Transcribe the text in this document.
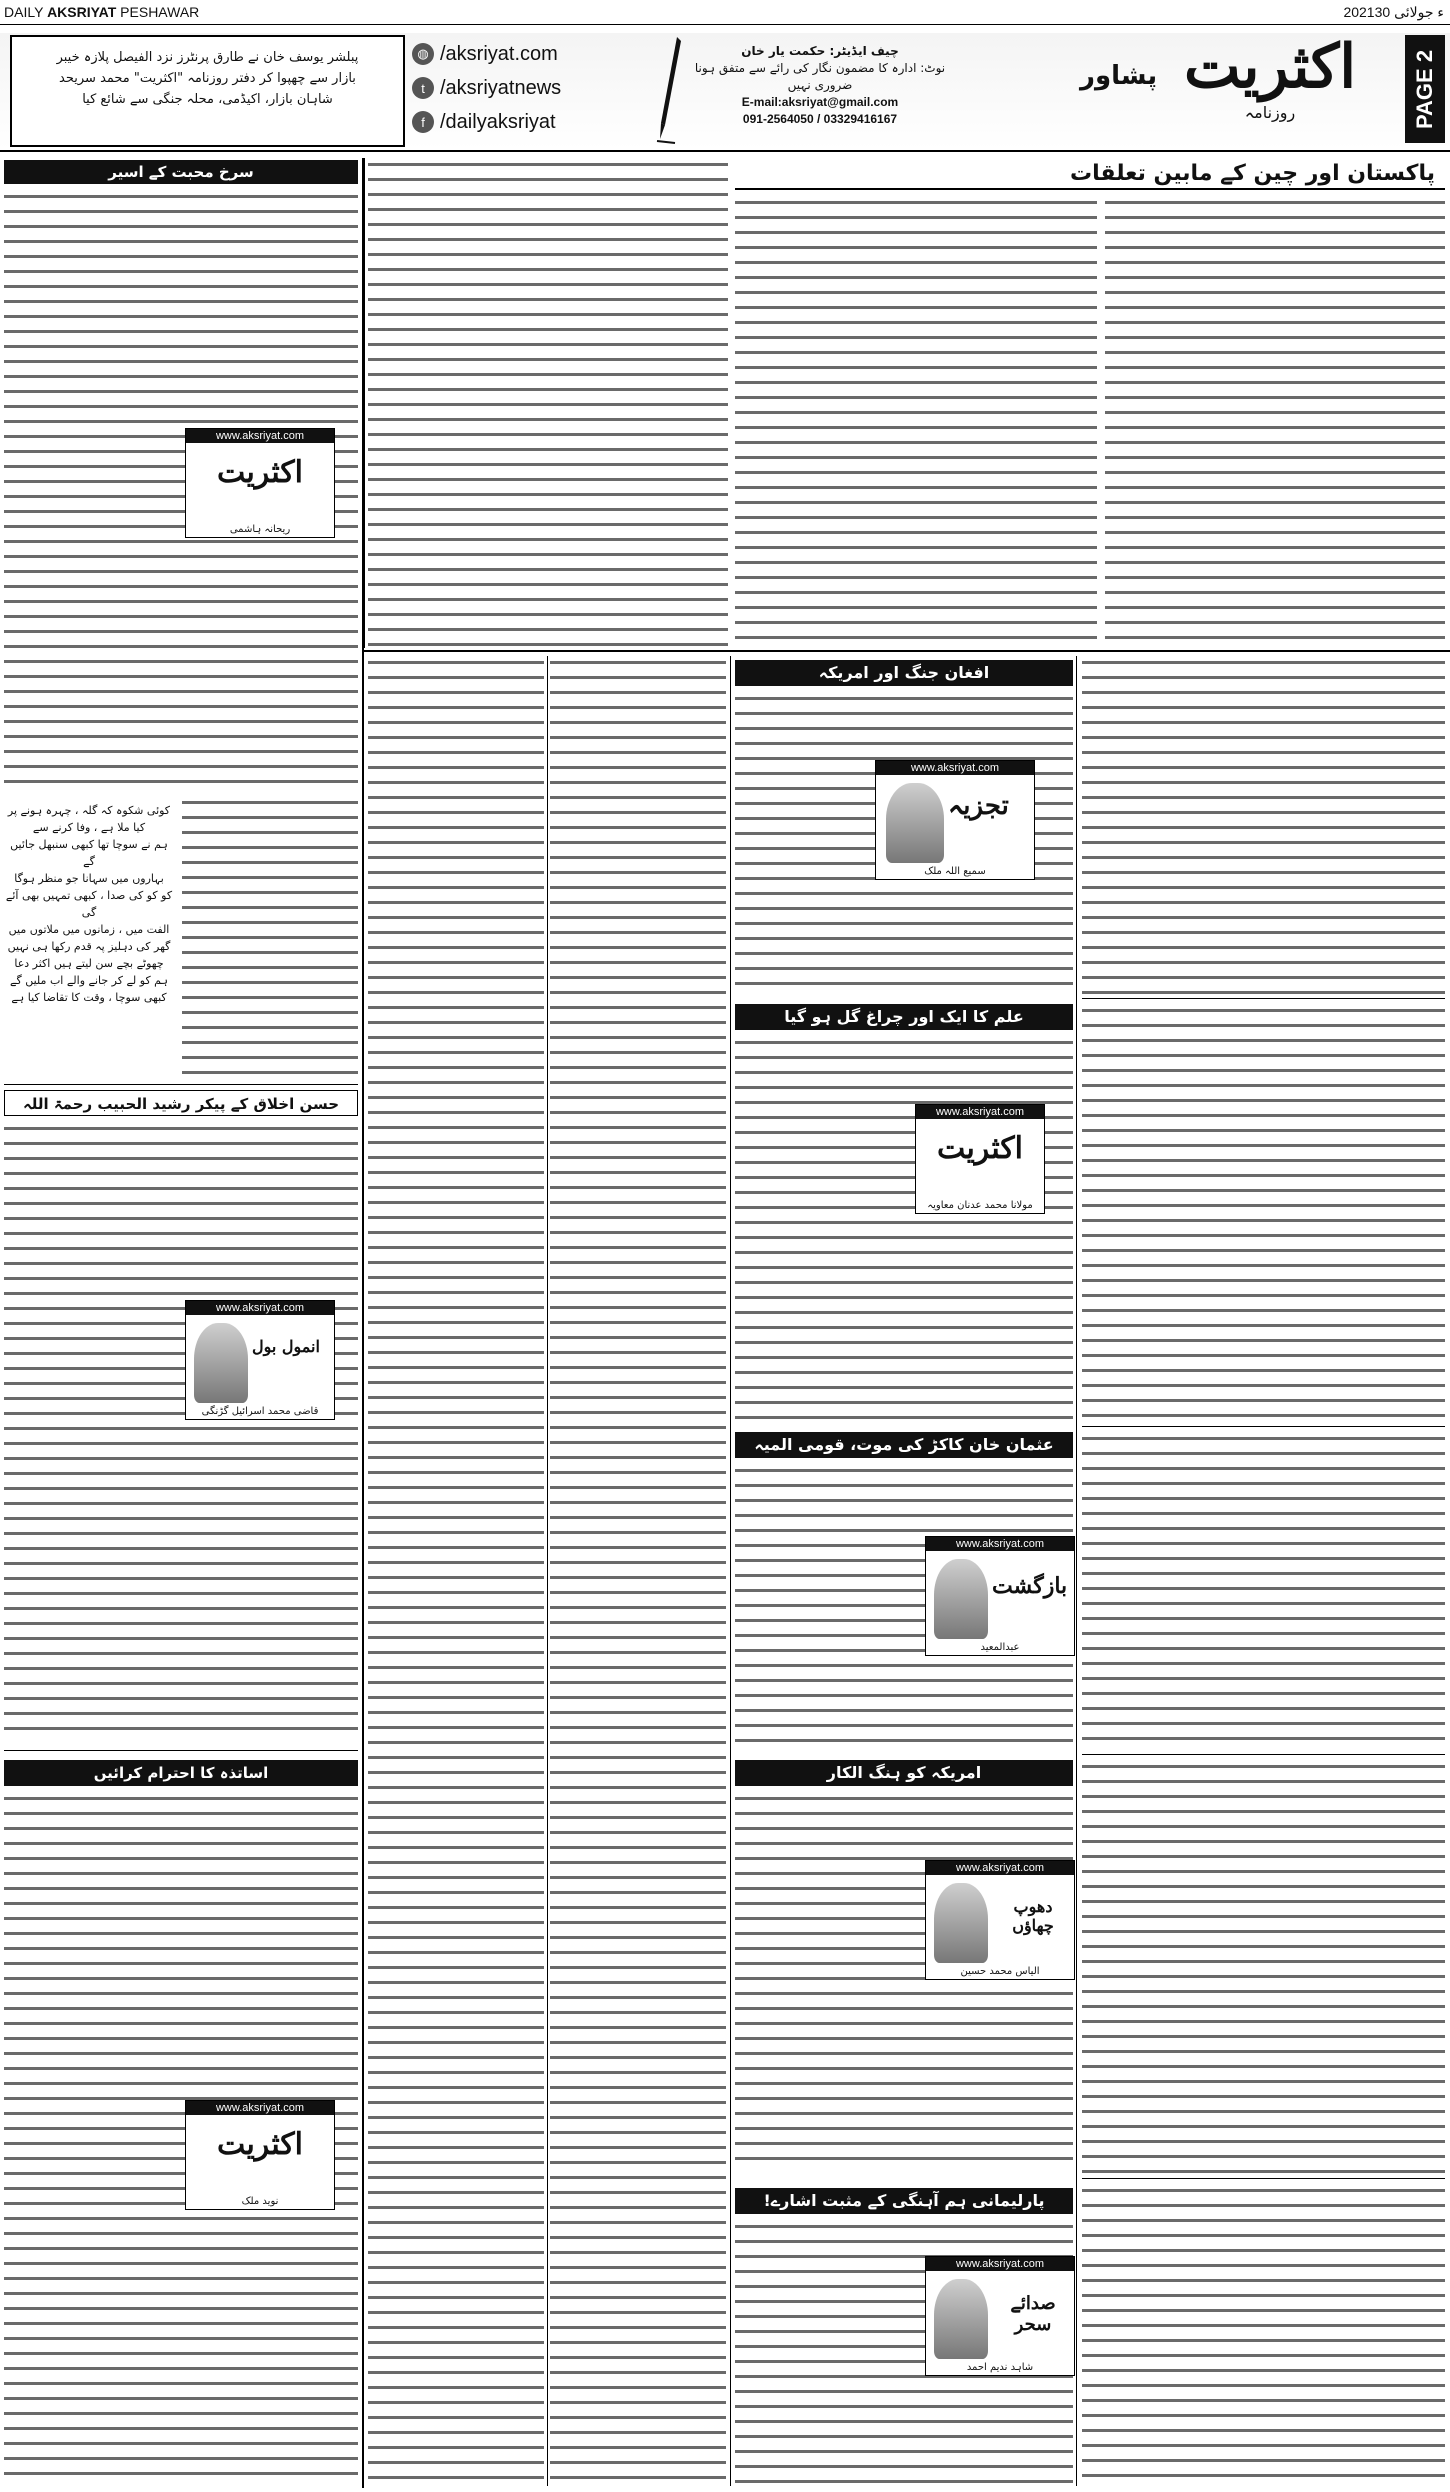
DAILY AKSRIYAT PESHAWAR	2021ء جولائی 30
پبلشر یوسف خان نے طارق پرنٹرز نزد الفیصل پلازہ خیبر
بازار سے چھپوا کر دفتر روزنامہ "اکثریت" محمد سریحد
شاہان بازار، اکیڈمی، محلہ جنگی سے شائع کیا
◍ /aksriyat.com
t /aksriyatnews
f /dailyaksriyat
چیف ایڈیٹر: حکمت یار خان
نوٹ: ادارہ کا مضمون نگار کی رائے سے متفق ہونا ضروری نہیں
E-mail:aksriyat@gmail.com
091-2564050 / 03329416167
اکثریت
روزنامہ
پشاور	PAGE 2
پاکستان اور چین کے مابین تعلقات
افغان جنگ اور امریکہ
www.aksriyat.com
تجزیہ
سمیع اللہ ملک
علم کا ایک اور چراغ گل ہو گیا
www.aksriyat.com
اکثریت
مولانا محمد عدنان معاویہ
عثمان خان کاکڑ کی موت، قومی المیہ
www.aksriyat.com
بازگشت
عبدالمعید
امریکہ کو ہنگ الکار
www.aksriyat.com
دھوپ چھاؤں
الیاس محمد حسین
پارلیمانی ہم آہنگی کے مثبت اشارے!
www.aksriyat.com
صدائے سحر
شاہد ندیم احمد
سرخ محبت کے اسیر
www.aksriyat.com
اکثریت
ریحانہ ہاشمی
کوئی شکوہ کہ گلہ ، چہرہ ہونے پر
کیا ملا ہے ، وفا کرنے سے
ہم نے سوچا تھا کبھی سنبھل جائیں گے
بہاروں میں سہانا جو منظر ہوگا
کو کو کی صدا ، کبھی تمہیں بھی آئے گی
الفت میں ، زمانوں میں ملاتوں میں
گھر کی دہلیز پہ قدم رکھا ہی نہیں
چھوٹے بچے سن لیتے ہیں اکثر دعا
ہم کو لے کر جانے والے اب ملیں گے
کبھی سوچا ، وقت کا تقاضا کیا ہے
حسن اخلاق کے پیکر رشید الحبیب رحمۃ اللہ
www.aksriyat.com
انمول بول
قاضی محمد اسرائیل گڑنگی
اساتذہ کا احترام کرائیں
www.aksriyat.com
اکثریت
نوید ملک
